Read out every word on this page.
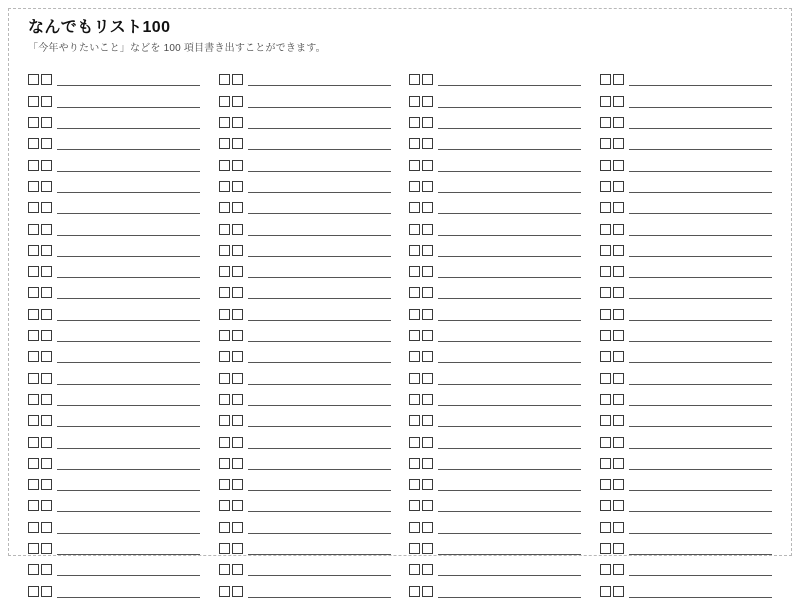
なんでもリスト100

「今年やりたいこと」などを 100 項目書き出すことができます。
